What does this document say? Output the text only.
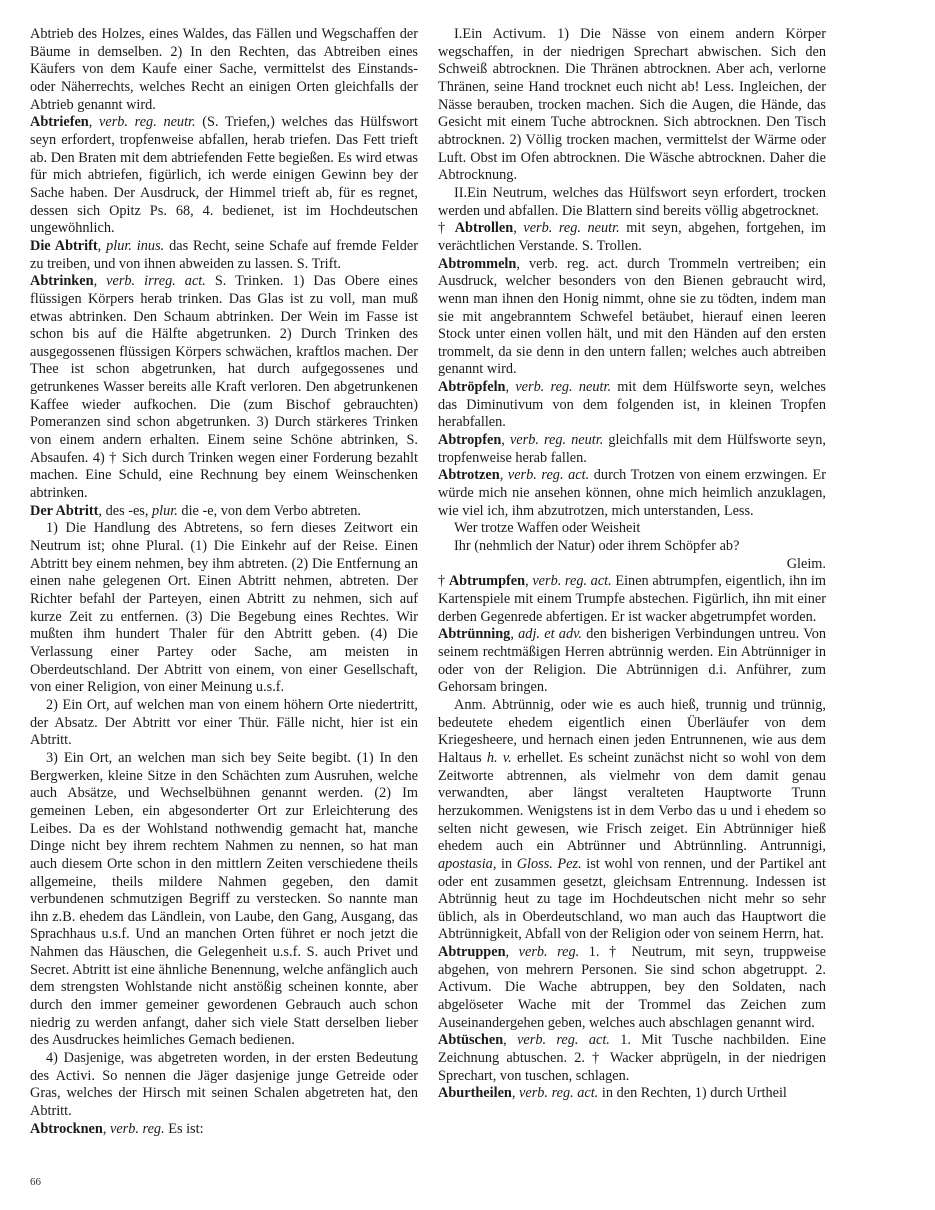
Abtrieb des Holzes, eines Waldes, das Fällen und Wegschaffen der Bäume in demselben. 2) In den Rechten, das Abtreiben eines Käufers von dem Kaufe einer Sache, vermittelst des Einstands- oder Näherrechts, welches Recht an einigen Orten gleichfalls der Abtrieb genannt wird.

Abtriefen, verb. reg. neutr. (S. Triefen,) welches das Hülfswort seyn erfordert, tropfenweise abfallen, herab triefen. Das Fett trieft ab. Den Braten mit dem abtriefenden Fette begießen. Es wird etwas für mich abtriefen, figürlich, ich werde einigen Gewinn bey der Sache haben. Der Ausdruck, der Himmel trieft ab, für es regnet, dessen sich Opitz Ps. 68, 4. bedienet, ist im Hochdeutschen ungewöhnlich.

Die Abtrift, plur. inus. das Recht, seine Schafe auf fremde Felder zu treiben, und von ihnen abweiden zu lassen. S. Trift.

Abtrinken, verb. irreg. act. S. Trinken. 1) Das Obere eines flüssigen Körpers herab trinken. Das Glas ist zu voll, man muß etwas abtrinken. Den Schaum abtrinken. Der Wein im Fasse ist schon bis auf die Hälfte abgetrunken. 2) Durch Trinken des ausgegossenen flüssigen Körpers schwächen, kraftlos machen. Der Thee ist schon abgetrunken, hat durch aufgegossenes und getrunkenes Wasser bereits alle Kraft verloren. Den abgetrunkenen Kaffee wieder aufkochen. Die (zum Bischof gebrauchten) Pomeranzen sind schon abgetrunken. 3) Durch stärkeres Trinken von einem andern erhalten. Einem seine Schöne abtrinken, S. Absaufen. 4) † Sich durch Trinken wegen einer Forderung bezahlt machen. Eine Schuld, eine Rechnung bey einem Weinschenken abtrinken.

Der Abtritt, des -es, plur. die -e, von dem Verbo abtreten.

1) Die Handlung des Abtretens, so fern dieses Zeitwort ein Neutrum ist; ohne Plural. (1) Die Einkehr auf der Reise. Einen Abtritt bey einem nehmen, bey ihm abtreten. (2) Die Entfernung an einen nahe gelegenen Ort. Einen Abtritt nehmen, abtreten. Der Richter befahl der Parteyen, einen Abtritt zu nehmen, sich auf kurze Zeit zu entfernen. (3) Die Begebung eines Rechtes. Wir mußten ihm hundert Thaler für den Abtritt geben. (4) Die Verlassung einer Partey oder Sache, am meisten in Oberdeutschland. Der Abtritt von einem, von einer Gesellschaft, von einer Religion, von einer Meinung u.s.f.

2) Ein Ort, auf welchen man von einem höhern Orte niedertritt, der Absatz. Der Abtritt vor einer Thür. Fälle nicht, hier ist ein Abtritt.

3) Ein Ort, an welchen man sich bey Seite begibt. (1) In den Bergwerken, kleine Sitze in den Schächten zum Ausruhen, welche auch Absätze, und Wechselbühnen genannt werden. (2) Im gemeinen Leben, ein abgesonderter Ort zur Erleichterung des Leibes. Da es der Wohlstand nothwendig gemacht hat, manche Dinge nicht bey ihrem rechtem Nahmen zu nennen, so hat man auch diesem Orte schon in den mittlern Zeiten verschiedene theils allgemeine, theils mildere Nahmen gegeben, den damit verbundenen schmutzigen Begriff zu verstecken. So nannte man ihn z.B. ehedem das Ländlein, von Laube, den Gang, Ausgang, das Sprachhaus u.s.f. Und an manchen Orten führet er noch jetzt die Nahmen das Häuschen, die Gelegenheit u.s.f. S. auch Privet und Secret. Abtritt ist eine ähnliche Benennung, welche anfänglich auch dem strengsten Wohlstande nicht anstößig scheinen konnte, aber durch den immer gemeiner gewordenen Gebrauch auch schon niedrig zu werden anfangt, daher sich viele Statt derselben lieber des Ausdruckes heimliches Gemach bedienen.

4) Dasjenige, was abgetreten worden, in der ersten Bedeutung des Activi. So nennen die Jäger dasjenige junge Getreide oder Gras, welches der Hirsch mit seinen Schalen abgetreten hat, den Abtritt.

Abtrocknen, verb. reg. Es ist:

I.Ein Activum. 1) Die Nässe von einem andern Körper wegschaffen, in der niedrigen Sprechart abwischen. Sich den Schweiß abtrocknen. Die Thränen abtrocknen. Aber ach, verlorne Thränen, seine Hand trocknet euch nicht ab! Less. Ingleichen, der Nässe berauben, trocken machen. Sich die Augen, die Hände, das Gesicht mit einem Tuche abtrocknen. Sich abtrocknen. Den Tisch abtrocknen. 2) Völlig trocken machen, vermittelst der Wärme oder Luft. Obst im Ofen abtrocknen. Die Wäsche abtrocknen. Daher die Abtrocknung.

II.Ein Neutrum, welches das Hülfswort seyn erfordert, trocken werden und abfallen. Die Blattern sind bereits völlig abgetrocknet.

† Abtrollen, verb. reg. neutr. mit seyn, abgehen, fortgehen, im verächtlichen Verstande. S. Trollen.

Abtrommeln, verb. reg. act. durch Trommeln vertreiben; ein Ausdruck, welcher besonders von den Bienen gebraucht wird, wenn man ihnen den Honig nimmt, ohne sie zu tödten, indem man sie mit angebranntem Schwefel betäubet, hierauf einen leeren Stock unter einen vollen hält, und mit den Händen auf den ersten trommelt, da sie denn in den untern fallen; welches auch abtreiben genannt wird.

Abtröpfeln, verb. reg. neutr. mit dem Hülfsworte seyn, welches das Diminutivum von dem folgenden ist, in kleinen Tropfen herabfallen.

Abtropfen, verb. reg. neutr. gleichfalls mit dem Hülfsworte seyn, tropfenweise herab fallen.

Abtrotzen, verb. reg. act. durch Trotzen von einem erzwingen. Er würde mich nie ansehen können, ohne mich heimlich anzuklagen, wie viel ich, ihm abzutrotzen, mich unterstanden, Less.

Wer trotze Waffen oder Weisheit

Ihr (nehmlich der Natur) oder ihrem Schöpfer ab?

Gleim.

† Abtrumpfen, verb. reg. act. Einen abtrumpfen, eigentlich, ihn im Kartenspiele mit einem Trumpfe abstechen. Figürlich, ihn mit einer derben Gegenrede abfertigen. Er ist wacker abgetrumpfet worden.

Abtrünning, adj. et adv. den bisherigen Verbindungen untreu. Von seinem rechtmäßigen Herren abtrünnig werden. Ein Abtrünniger in oder von der Religion. Die Abtrünnigen d.i. Anführer, zum Gehorsam bringen.

Anm. Abtrünnig, oder wie es auch hieß, trunnig und trünnig, bedeutete ehedem eigentlich einen Überläufer von dem Kriegesheere, und hernach einen jeden Entrunnenen, wie aus dem Haltaus h. v. erhellet. Es scheint zunächst nicht so wohl von dem Zeitworte abtrennen, als vielmehr von dem damit genau verwandten, aber längst veralteten Hauptworte Trunn herzukommen. Wenigstens ist in dem Verbo das u und i ehedem so selten nicht gewesen, wie Frisch zeiget. Ein Abtrünniger hieß ehedem auch ein Abtrünner und Abtrünnling. Antrunnigi, apostasia, in Gloss. Pez. ist wohl von rennen, und der Partikel ant oder ent zusammen gesetzt, gleichsam Entrennung. Indessen ist Abtrünnig heut zu tage im Hochdeutschen nicht mehr so sehr üblich, als in Oberdeutschland, wo man auch das Hauptwort die Abtrünnigkeit, Abfall von der Religion oder von seinem Herrn, hat.

Abtruppen, verb. reg. 1. † Neutrum, mit seyn, truppweise abgehen, von mehrern Personen. Sie sind schon abgetruppt. 2. Activum. Die Wache abtruppen, bey den Soldaten, nach abgelöseter Wache mit der Trommel das Zeichen zum Auseinandergehen geben, welches auch abschlagen genannt wird.

Abtüschen, verb. reg. act. 1. Mit Tusche nachbilden. Eine Zeichnung abtuschen. 2. † Wacker abprügeln, in der niedrigen Sprechart, von tuschen, schlagen.

Aburtheilen, verb. reg. act. in den Rechten, 1) durch Urtheil

66
